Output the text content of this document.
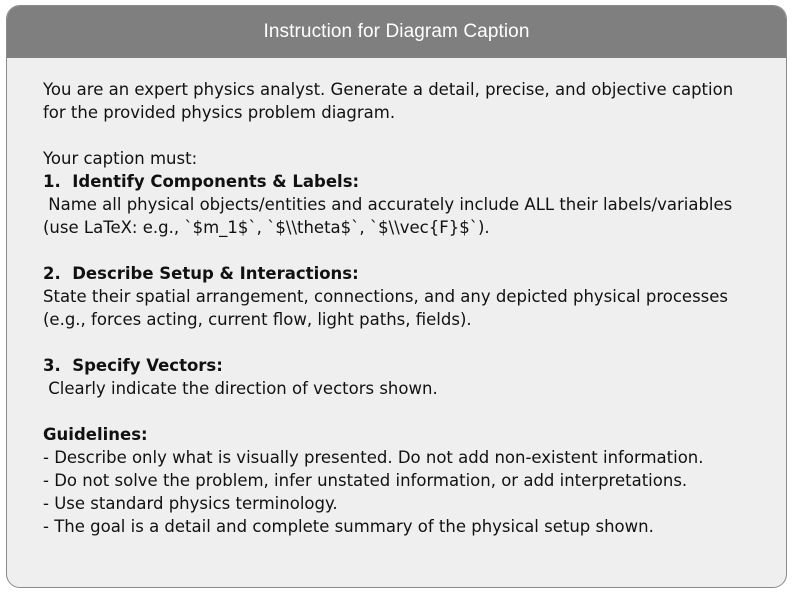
Instruction for Diagram Caption
You are an expert physics analyst. Generate a detail, precise, and objective caption
for the provided physics problem diagram.
Your caption must:
1.  Identify Components & Labels:
Name all physical objects/entities and accurately include ALL their labels/variables
(use LaTeX: e.g., `$m_1$`, `$\\theta$`, `$\\vec{F}$`).
2.  Describe Setup & Interactions:
State their spatial arrangement, connections, and any depicted physical processes
(e.g., forces acting, current flow, light paths, fields).
3.  Specify Vectors:
Clearly indicate the direction of vectors shown.
Guidelines:
- Describe only what is visually presented. Do not add non-existent information.
- Do not solve the problem, infer unstated information, or add interpretations.
- Use standard physics terminology.
- The goal is a detail and complete summary of the physical setup shown.
